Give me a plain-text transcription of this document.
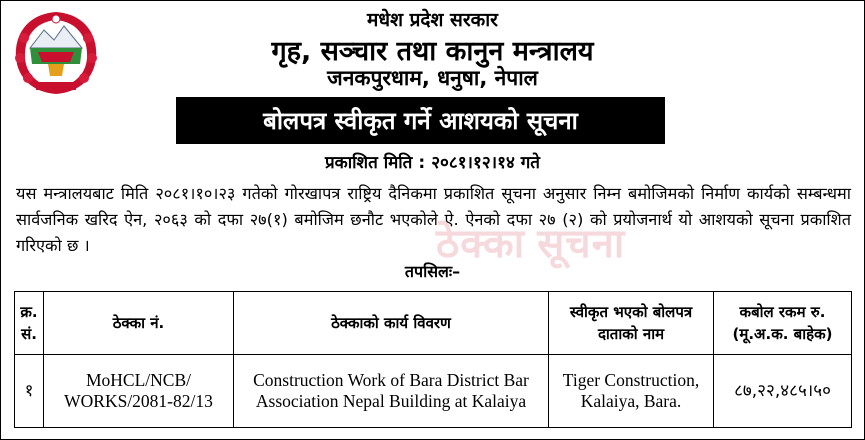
मधेश प्रदेश सरकार
गृह, सञ्चार तथा कानुन मन्त्रालय
जनकपुरधाम, धनुषा, नेपाल
बोलपत्र स्वीकृत गर्ने आशयको सूचना
प्रकाशित मिति : २०८१।१२।१४ गते
ठेक्का सूचना
यस मन्त्रालयबाट मिति २०८१।१०।२३ गतेको गोरखापत्र राष्ट्रिय दैनिकमा प्रकाशित सूचना अनुसार निम्न बमोजिमको निर्माण कार्यको सम्बन्धमा सार्वजनिक खरिद ऐन, २०६३ को दफा २७(१) बमोजिम छनौट भएकोले ऐ. ऐनको दफा २७ (२) को प्रयोजनार्थ यो आशयको सूचना प्रकाशित गरिएको छ ।
तपसिलः–
क्र. सं.	ठेक्का नं.	ठेक्काको कार्य विवरण	स्वीकृत भएको बोलपत्र दाताको नाम	कबोल रकम रु. (मू.अ.क. बाहेक)
१	MoHCL/NCB/ WORKS/2081-82/13	Construction Work of Bara District Bar Association Nepal Building at Kalaiya	Tiger Construction, Kalaiya, Bara.	८७,२२,४८५।५०
